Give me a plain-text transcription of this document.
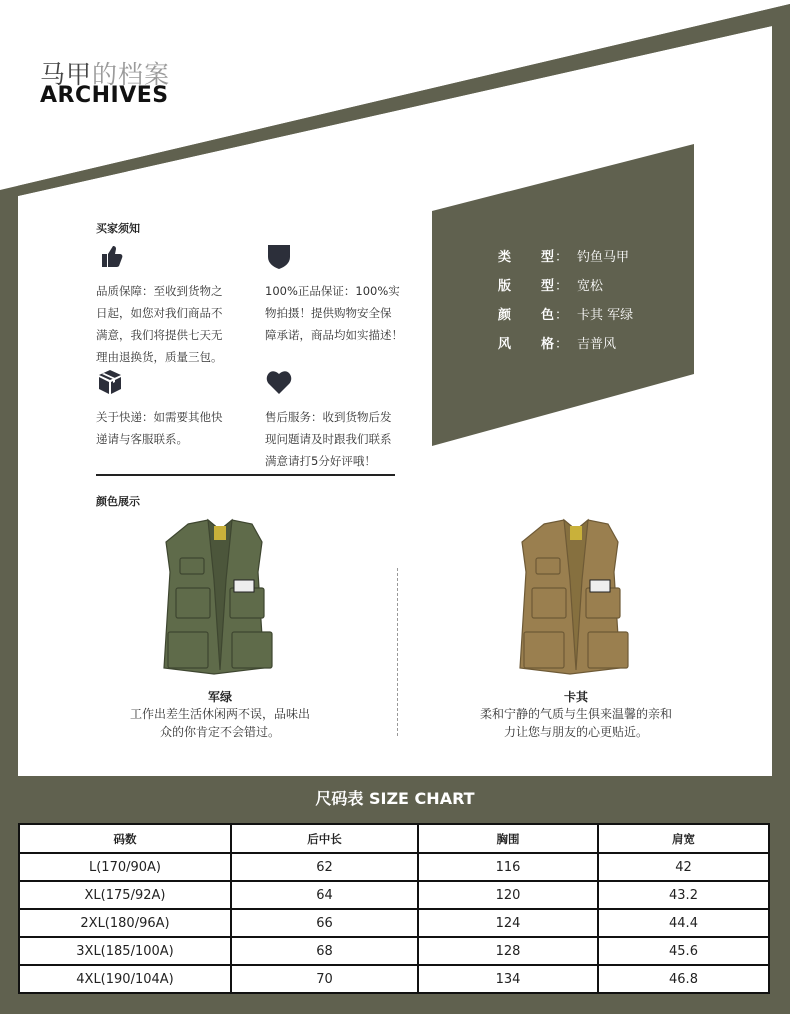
马甲的档案
ARCHIVES
买家须知

品质保障：至收到货物之

日起，如您对我们商品不

满意，我们将提供七天无

理由退换货，质量三包。

100%正品保证：100%实

物拍摄！提供购物安全保

障承诺，商品均如实描述！

关于快递：如需要其他快

递请与客服联系。

售后服务：收到货物后发

现问题请及时跟我们联系

满意请打5分好评哦！

类 型 ： 钓鱼马甲
版 型 ： 宽松
颜 色 ： 卡其 军绿
风 格 ： 吉普风
颜色展示
军绿
工作出差生活休闲两不误，品味出
众的你肯定不会错过。
卡其
柔和宁静的气质与生俱来温馨的亲和
力让您与朋友的心更贴近。
尺码表 SIZE CHART
码数	后中长	胸围	肩宽
L(170/90A)	62	116	42
XL(175/92A)	64	120	43.2
2XL(180/96A)	66	124	44.4
3XL(185/100A)	68	128	45.6
4XL(190/104A)	70	134	46.8
